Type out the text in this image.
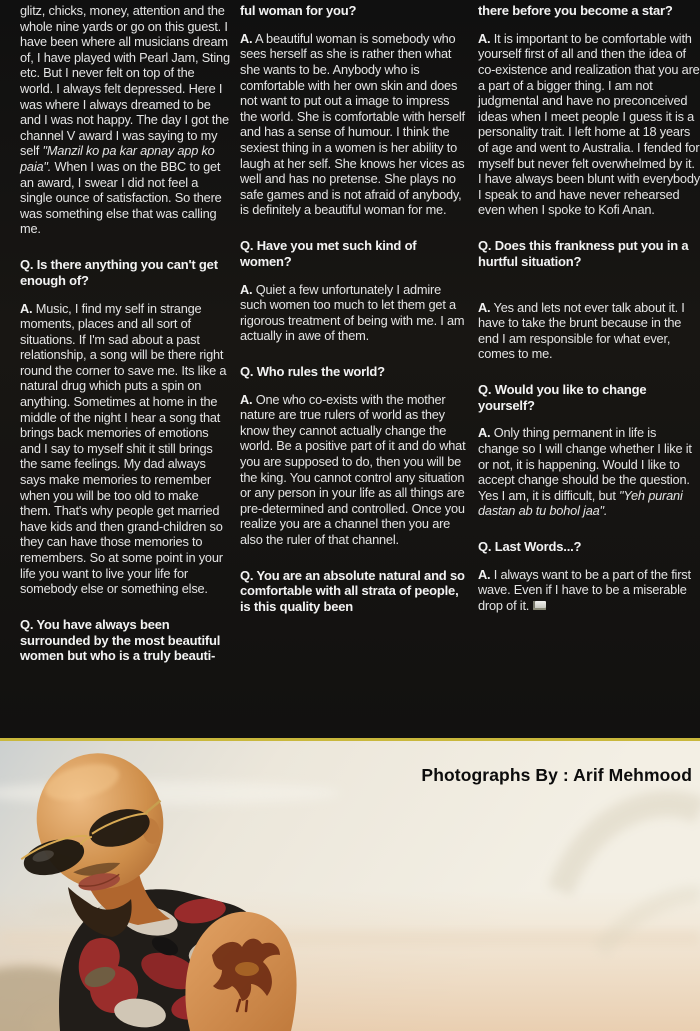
glitz, chicks, money, attention and the whole nine yards or go on this guest. I have been where all musicians dream of, I have played with Pearl Jam, Sting etc. But I never felt on top of the world. I always felt depressed. Here I was where I always dreamed to be and I was not happy. The day I got the channel V award I was saying to my self "Manzil ko pa kar apnay app ko paia". When I was on the BBC to get an award, I swear I did not feel a single ounce of satisfaction. So there was something else that was calling me.

Q. Is there anything you can't get enough of?

A. Music, I find my self in strange moments, places and all sort of situations. If I'm sad about a past relationship, a song will be there right round the corner to save me. Its like a natural drug which puts a spin on anything. Sometimes at home in the middle of the night I hear a song that brings back memories of emotions and I say to myself shit it still brings the same feelings. My dad always says make memories to remember when you will be too old to make them. That's why people get married have kids and then grand-children so they can have those memories to remembers. So at some point in your life you want to live your life for somebody else or something else.

Q. You have always been surrounded by the most beautiful women but who is a truly beauti-

ful woman for you?

A. A beautiful woman is somebody who sees herself as she is rather then what she wants to be. Anybody who is comfortable with her own skin and does not want to put out a image to impress the world. She is comfortable with herself and has a sense of humour. I think the sexiest thing in a women is her ability to laugh at her self. She knows her vices as well and has no pretense. She plays no safe games and is not afraid of anybody, is definitely a beautiful woman for me.

Q. Have you met such kind of women?

A. Quiet a few unfortunately I admire such women too much to let them get a rigorous treatment of being with me. I am actually in awe of them.

Q. Who rules the world?

A. One who co-exists with the mother nature are true rulers of world as they know they cannot actually change the world. Be a positive part of it and do what you are supposed to do, then you will be the king. You cannot control any situation or any person in your life as all things are pre-determined and controlled. Once you realize you are a channel then you are also the ruler of that channel.

Q. You are an absolute natural and so comfortable with all strata of people, is this quality been

there before you become a star?

A. It is important to be comfortable with yourself first of all and then the idea of co-existence and realization that you are a part of a bigger thing. I am not judgmental and have no preconceived ideas when I meet people I guess it is a personality trait. I left home at 18 years of age and went to Australia. I fended for myself but never felt overwhelmed by it. I have always been blunt with everybody I speak to and have never rehearsed even when I spoke to Kofi Anan.

Q. Does this frankness put you in a hurtful situation?

A. Yes and lets not ever talk about it. I have to take the brunt because in the end I am responsible for what ever, comes to me.

Q. Would you like to change yourself?

A. Only thing permanent in life is change so I will change whether I like it or not, it is happening. Would I like to accept change should be the question. Yes I am, it is difficult, but "Yeh purani dastan ab tu bohol jaa".

Q. Last Words...?

A. I always want to be a part of the first wave. Even if I have to be a miserable drop of it.

Photographs By : Arif Mehmood
